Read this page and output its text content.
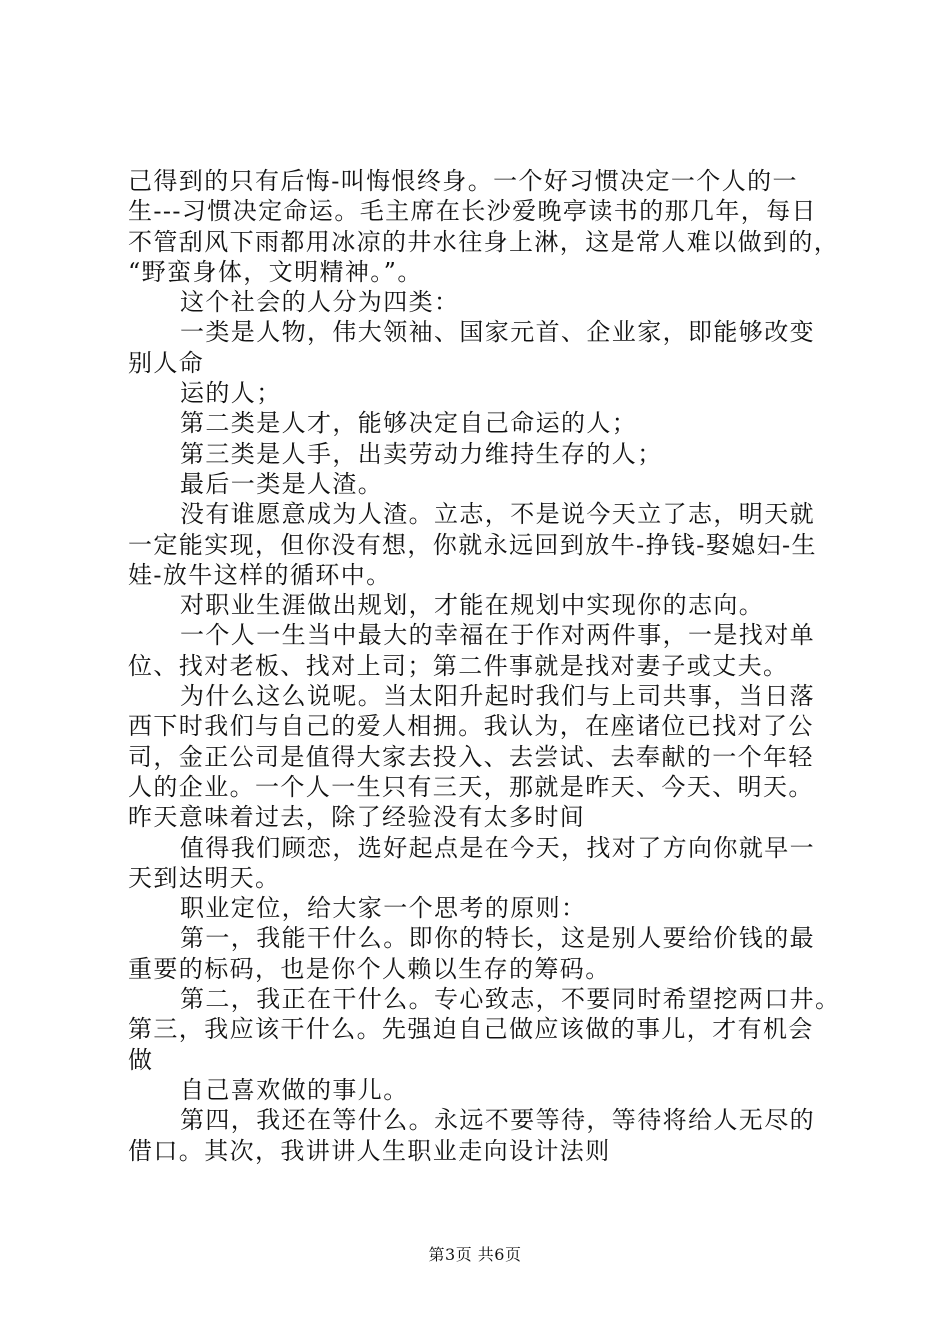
己得到的只有后悔-叫悔恨终身。一个好习惯决定一个人的一
生---习惯决定命运。毛主席在长沙爱晚亭读书的那几年，每日
不管刮风下雨都用冰凉的井水往身上淋，这是常人难以做到的，
“野蛮身体，文明精神。”。
这个社会的人分为四类：
一类是人物，伟大领袖、国家元首、企业家，即能够改变
别人命
运的人；
第二类是人才，能够决定自己命运的人；
第三类是人手，出卖劳动力维持生存的人；
最后一类是人渣。
没有谁愿意成为人渣。立志，不是说今天立了志，明天就
一定能实现，但你没有想，你就永远回到放牛-挣钱-娶媳妇-生
娃-放牛这样的循环中。
对职业生涯做出规划，才能在规划中实现你的志向。
一个人一生当中最大的幸福在于作对两件事，一是找对单
位、找对老板、找对上司；第二件事就是找对妻子或丈夫。
为什么这么说呢。当太阳升起时我们与上司共事，当日落
西下时我们与自己的爱人相拥。我认为，在座诸位已找对了公
司，金正公司是值得大家去投入、去尝试、去奉献的一个年轻
人的企业。一个人一生只有三天，那就是昨天、今天、明天。
昨天意味着过去，除了经验没有太多时间
值得我们顾恋，选好起点是在今天，找对了方向你就早一
天到达明天。
职业定位，给大家一个思考的原则：
第一，我能干什么。即你的特长，这是别人要给价钱的最
重要的标码，也是你个人赖以生存的筹码。
第二，我正在干什么。专心致志，不要同时希望挖两口井。
第三，我应该干什么。先强迫自己做应该做的事儿，才有机会
做
自己喜欢做的事儿。
第四，我还在等什么。永远不要等待，等待将给人无尽的
借口。其次，我讲讲人生职业走向设计法则
第3页 共6页
